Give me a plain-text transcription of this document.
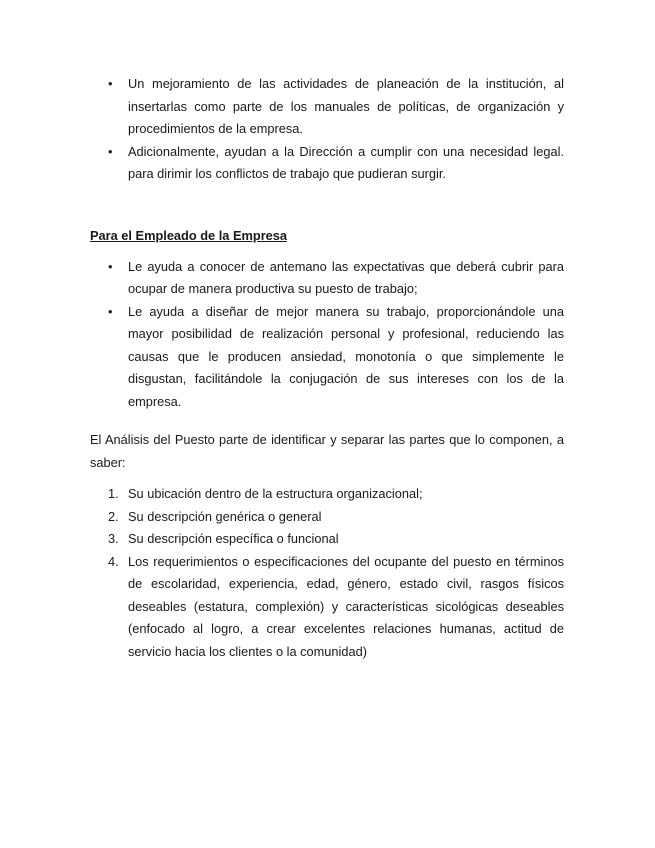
• Un mejoramiento de las actividades de planeación de la institución, al insertarlas como parte de los manuales de políticas, de organización y procedimientos de la empresa.
• Adicionalmente, ayudan a la Dirección a cumplir con una necesidad legal. para dirimir los conflictos de trabajo que pudieran surgir.

Para el Empleado de la Empresa

• Le ayuda a conocer de antemano las expectativas que deberá cubrir para ocupar de manera productiva su puesto de trabajo;
• Le ayuda a diseñar de mejor manera su trabajo, proporcionándole una mayor posibilidad de realización personal y profesional, reduciendo las causas que le producen ansiedad, monotonía o que simplemente le disgustan, facilitándole la conjugación de sus intereses con los de la empresa.

El Análisis del Puesto parte de identificar y separar las partes que lo componen, a saber:

1. Su ubicación dentro de la estructura organizacional;
2. Su descripción genérica o general
3. Su descripción específica o funcional
4. Los requerimientos o especificaciones del ocupante del puesto en términos de escolaridad, experiencia, edad, género, estado civil, rasgos físicos deseables (estatura, complexión) y características sicológicas deseables (enfocado al logro, a crear excelentes relaciones humanas, actitud de servicio hacia los clientes o la comunidad)
